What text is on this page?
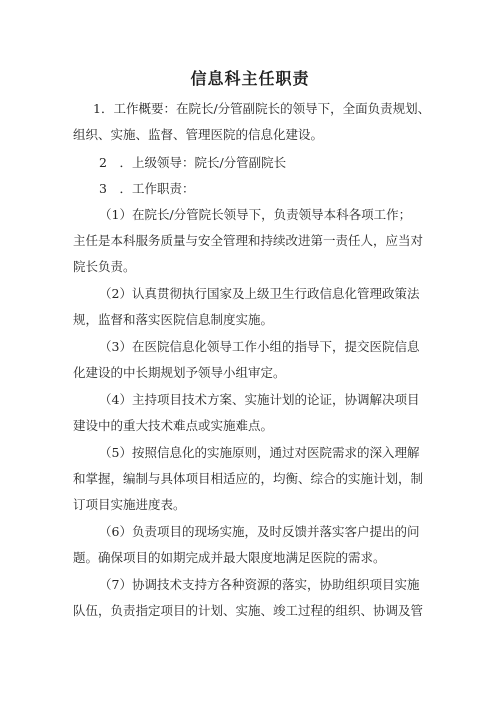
信息科主任职责
1．工作概要：在院长/分管副院长的领导下，全面负责规划、
组织、实施、监督、管理医院的信息化建设。
2　．上级领导：院长/分管副院长
3　．工作职责：
（1）在院长/分管院长领导下，负责领导本科各项工作；
主任是本科服务质量与安全管理和持续改进第一责任人，应当对
院长负责。
（2）认真贯彻执行国家及上级卫生行政信息化管理政策法
规，监督和落实医院信息制度实施。
（3）在医院信息化领导工作小组的指导下，提交医院信息
化建设的中长期规划予领导小组审定。
（4）主持项目技术方案、实施计划的论证，协调解决项目
建设中的重大技术难点或实施难点。
（5）按照信息化的实施原则，通过对医院需求的深入理解
和掌握，编制与具体项目相适应的，均衡、综合的实施计划，制
订项目实施进度表。
（6）负责项目的现场实施，及时反馈并落实客户提出的问
题。确保项目的如期完成并最大限度地满足医院的需求。
（7）协调技术支持方各种资源的落实，协助组织项目实施
队伍，负责指定项目的计划、实施、竣工过程的组织、协调及管
